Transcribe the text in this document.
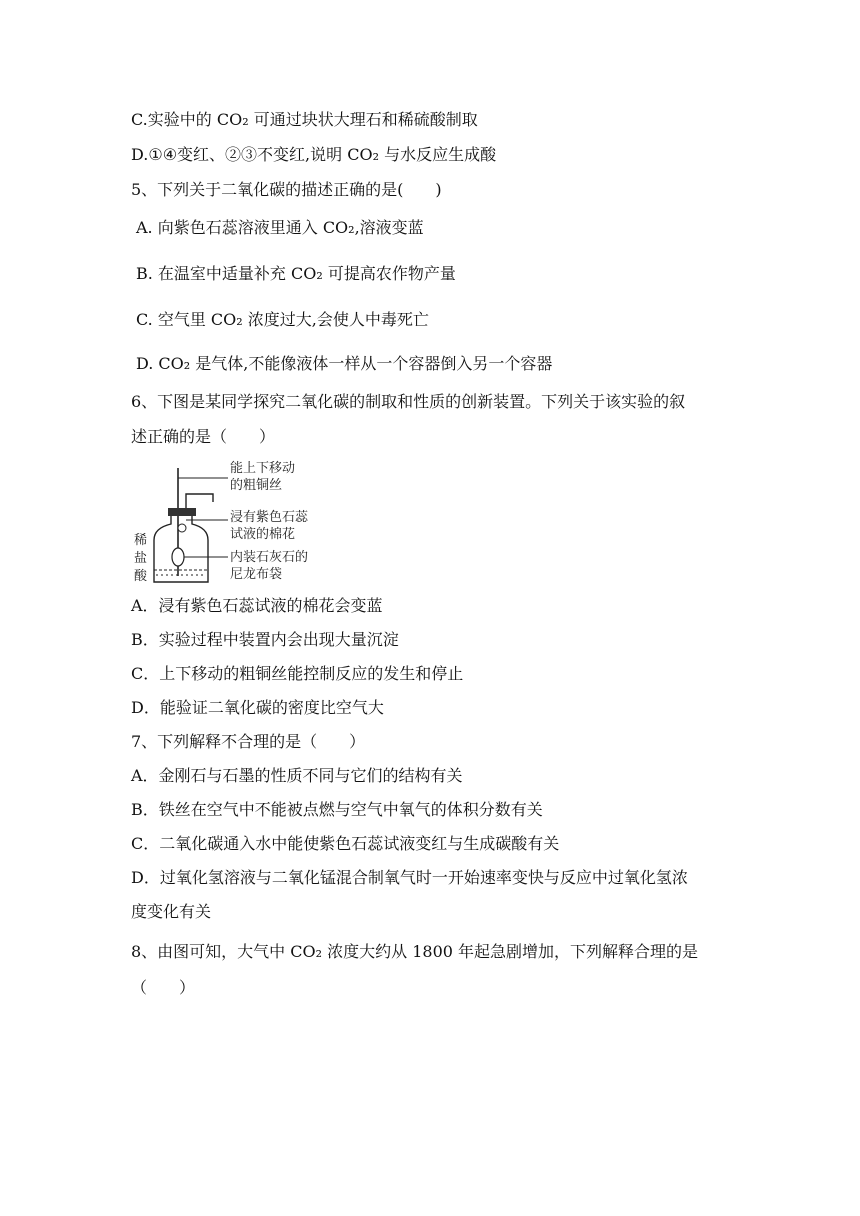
C.实验中的 CO₂ 可通过块状大理石和稀硫酸制取
D.①④变红、②③不变红,说明 CO₂ 与水反应生成酸
5、下列关于二氧化碳的描述正确的是(　　)
A. 向紫色石蕊溶液里通入 CO₂,溶液变蓝
B. 在温室中适量补充 CO₂ 可提高农作物产量
C. 空气里 CO₂ 浓度过大,会使人中毒死亡
D. CO₂ 是气体,不能像液体一样从一个容器倒入另一个容器
6、下图是某同学探究二氧化碳的制取和性质的创新装置。下列关于该实验的叙
述正确的是（　　）
能上下移动
的粗铜丝
浸有紫色石蕊
试液的棉花
内装石灰石的
尼龙布袋
稀
盐
酸
A．浸有紫色石蕊试液的棉花会变蓝
B．实验过程中装置内会出现大量沉淀
C．上下移动的粗铜丝能控制反应的发生和停止
D．能验证二氧化碳的密度比空气大
7、下列解释不合理的是（　　）
A．金刚石与石墨的性质不同与它们的结构有关
B．铁丝在空气中不能被点燃与空气中氧气的体积分数有关
C．二氧化碳通入水中能使紫色石蕊试液变红与生成碳酸有关
D．过氧化氢溶液与二氧化锰混合制氧气时一开始速率变快与反应中过氧化氢浓
度变化有关
8、由图可知，大气中 CO₂ 浓度大约从 1800 年起急剧增加，下列解释合理的是
（　　）
